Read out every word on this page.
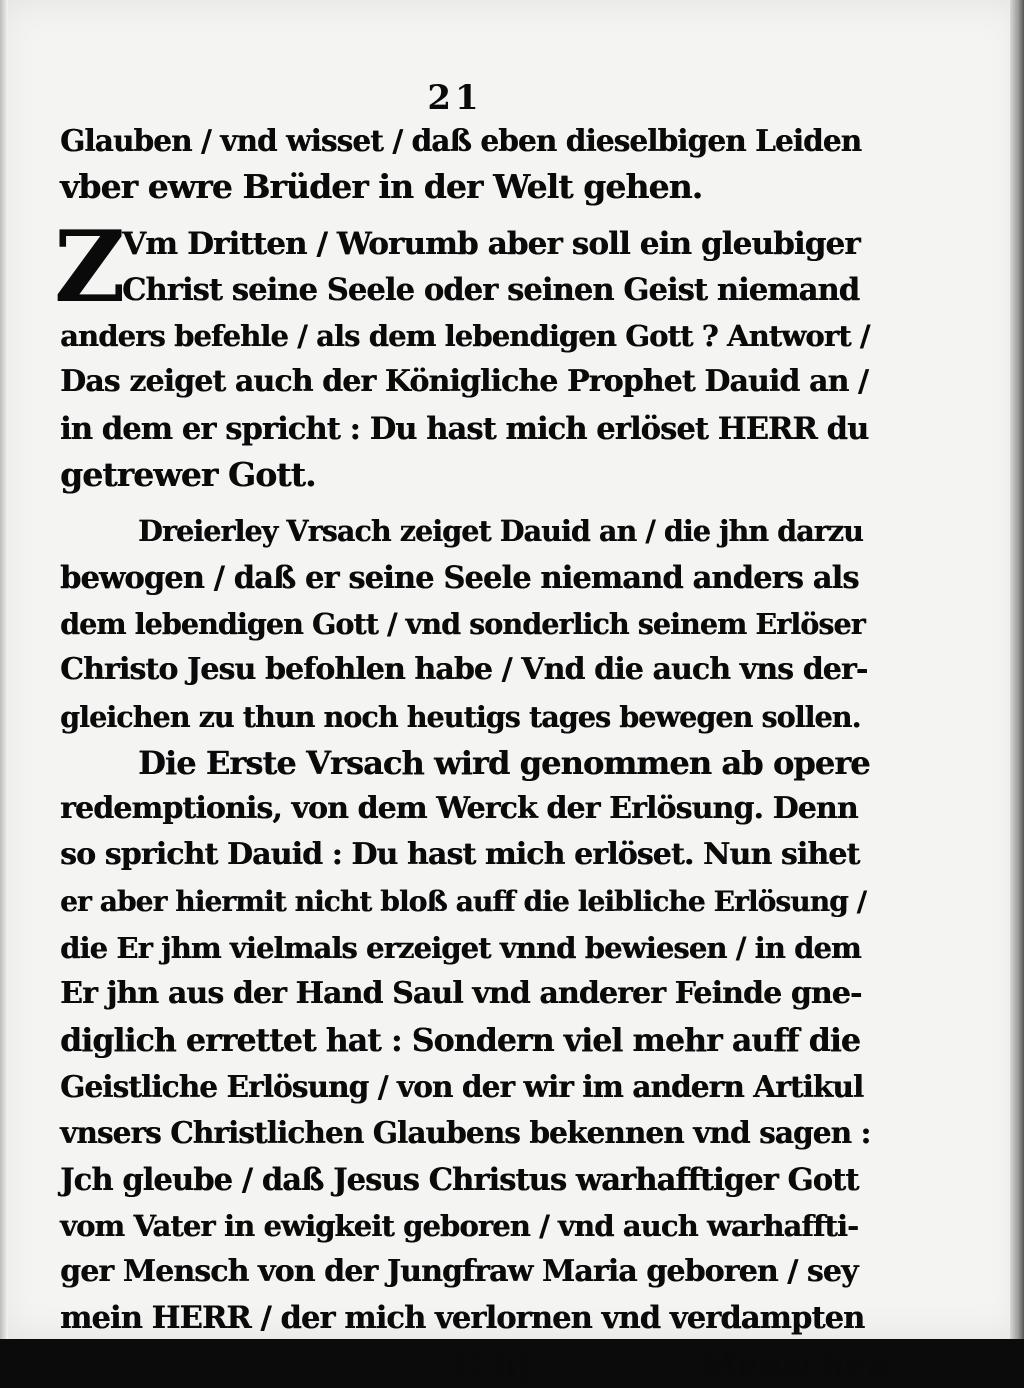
21
Glauben / vnd wisset / daß eben dieselbigen Leiden
vber ewre Brüder in der Welt gehen.
Z
Vm Dritten / Worumb aber soll ein gleubiger
Christ seine Seele oder seinen Geist niemand
anders befehle / als dem lebendigen Gott ? Antwort /
Das zeiget auch der Königliche Prophet Dauid an /
in dem er spricht : Du hast mich erlöset HERR du
getrewer Gott.
Dreierley Vrsach zeiget Dauid an / die jhn darzu
bewogen / daß er seine Seele niemand anders als
dem lebendigen Gott / vnd sonderlich seinem Erlöser
Christo Jesu befohlen habe / Vnd die auch vns der-
gleichen zu thun noch heutigs tages bewegen sollen.
Die Erste Vrsach wird genommen ab opere
redemptionis, von dem Werck der Erlösung. Denn
so spricht Dauid : Du hast mich erlöset. Nun sihet
er aber hiermit nicht bloß auff die leibliche Erlösung /
die Er jhm vielmals erzeiget vnnd bewiesen / in dem
Er jhn aus der Hand Saul vnd anderer Feinde gne-
diglich errettet hat : Sondern viel mehr auff die
Geistliche Erlösung / von der wir im andern Artikul
vnsers Christlichen Glaubens bekennen vnd sagen :
Jch gleube / daß Jesus Christus warhafftiger Gott
vom Vater in ewigkeit geboren / vnd auch warhaffti-
ger Mensch von der Jungfraw Maria geboren / sey
mein HERR / der mich verlornen vnd verdampten
C iij	Menschen
